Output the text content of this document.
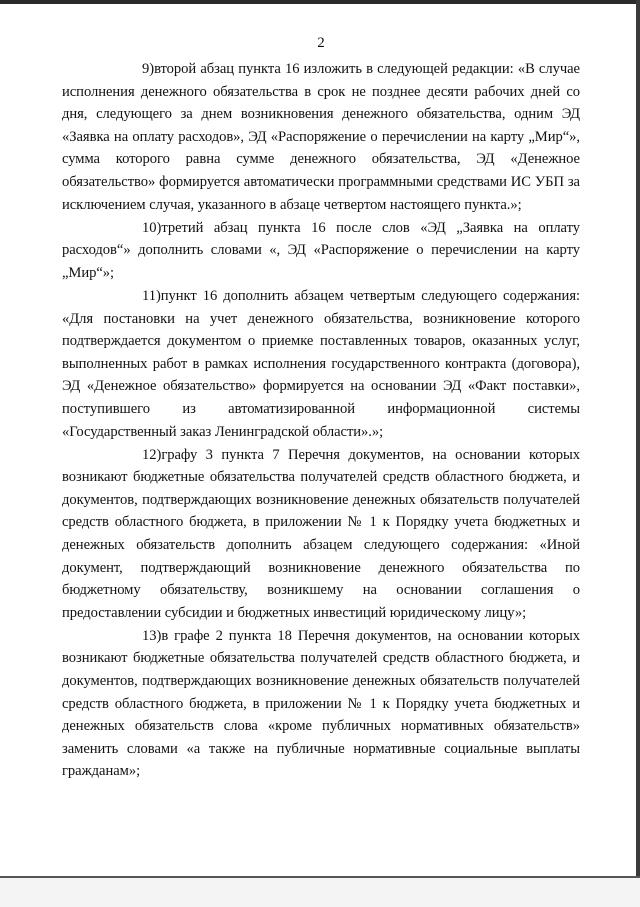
2

9)второй абзац пункта 16 изложить в следующей редакции: «В случае исполнения денежного обязательства в срок не позднее десяти рабочих дней со дня, следующего за днем возникновения денежного обязательства, одним ЭД «Заявка на оплату расходов», ЭД «Распоряжение о перечислении на карту „Мир“», сумма которого равна сумме денежного обязательства, ЭД «Денежное обязательство» формируется автоматически программными средствами ИС УБП за исключением случая, указанного в абзаце четвертом настоящего пункта.»;

10)третий абзац пункта 16 после слов «ЭД „Заявка на оплату расходов“» дополнить словами «, ЭД «Распоряжение о перечислении на карту „Мир“»;

11)пункт 16 дополнить абзацем четвертым следующего содержания: «Для постановки на учет денежного обязательства, возникновение которого подтверждается документом о приемке поставленных товаров, оказанных услуг, выполненных работ в рамках исполнения государственного контракта (договора), ЭД «Денежное обязательство» формируется на основании ЭД «Факт поставки», поступившего из автоматизированной информационной системы «Государственный заказ Ленинградской области».»;

12)графу 3 пункта 7 Перечня документов, на основании которых возникают бюджетные обязательства получателей средств областного бюджета, и документов, подтверждающих возникновение денежных обязательств получателей средств областного бюджета, в приложении № 1 к Порядку учета бюджетных и денежных обязательств дополнить абзацем следующего содержания: «Иной документ, подтверждающий возникновение денежного обязательства по бюджетному обязательству, возникшему на основании соглашения о предоставлении субсидии и бюджетных инвестиций юридическому лицу»;

13)в графе 2 пункта 18 Перечня документов, на основании которых возникают бюджетные обязательства получателей средств областного бюджета, и документов, подтверждающих возникновение денежных обязательств получателей средств областного бюджета, в приложении № 1 к Порядку учета бюджетных и денежных обязательств слова «кроме публичных нормативных обязательств» заменить словами «а также на публичные нормативные социальные выплаты гражданам»;
